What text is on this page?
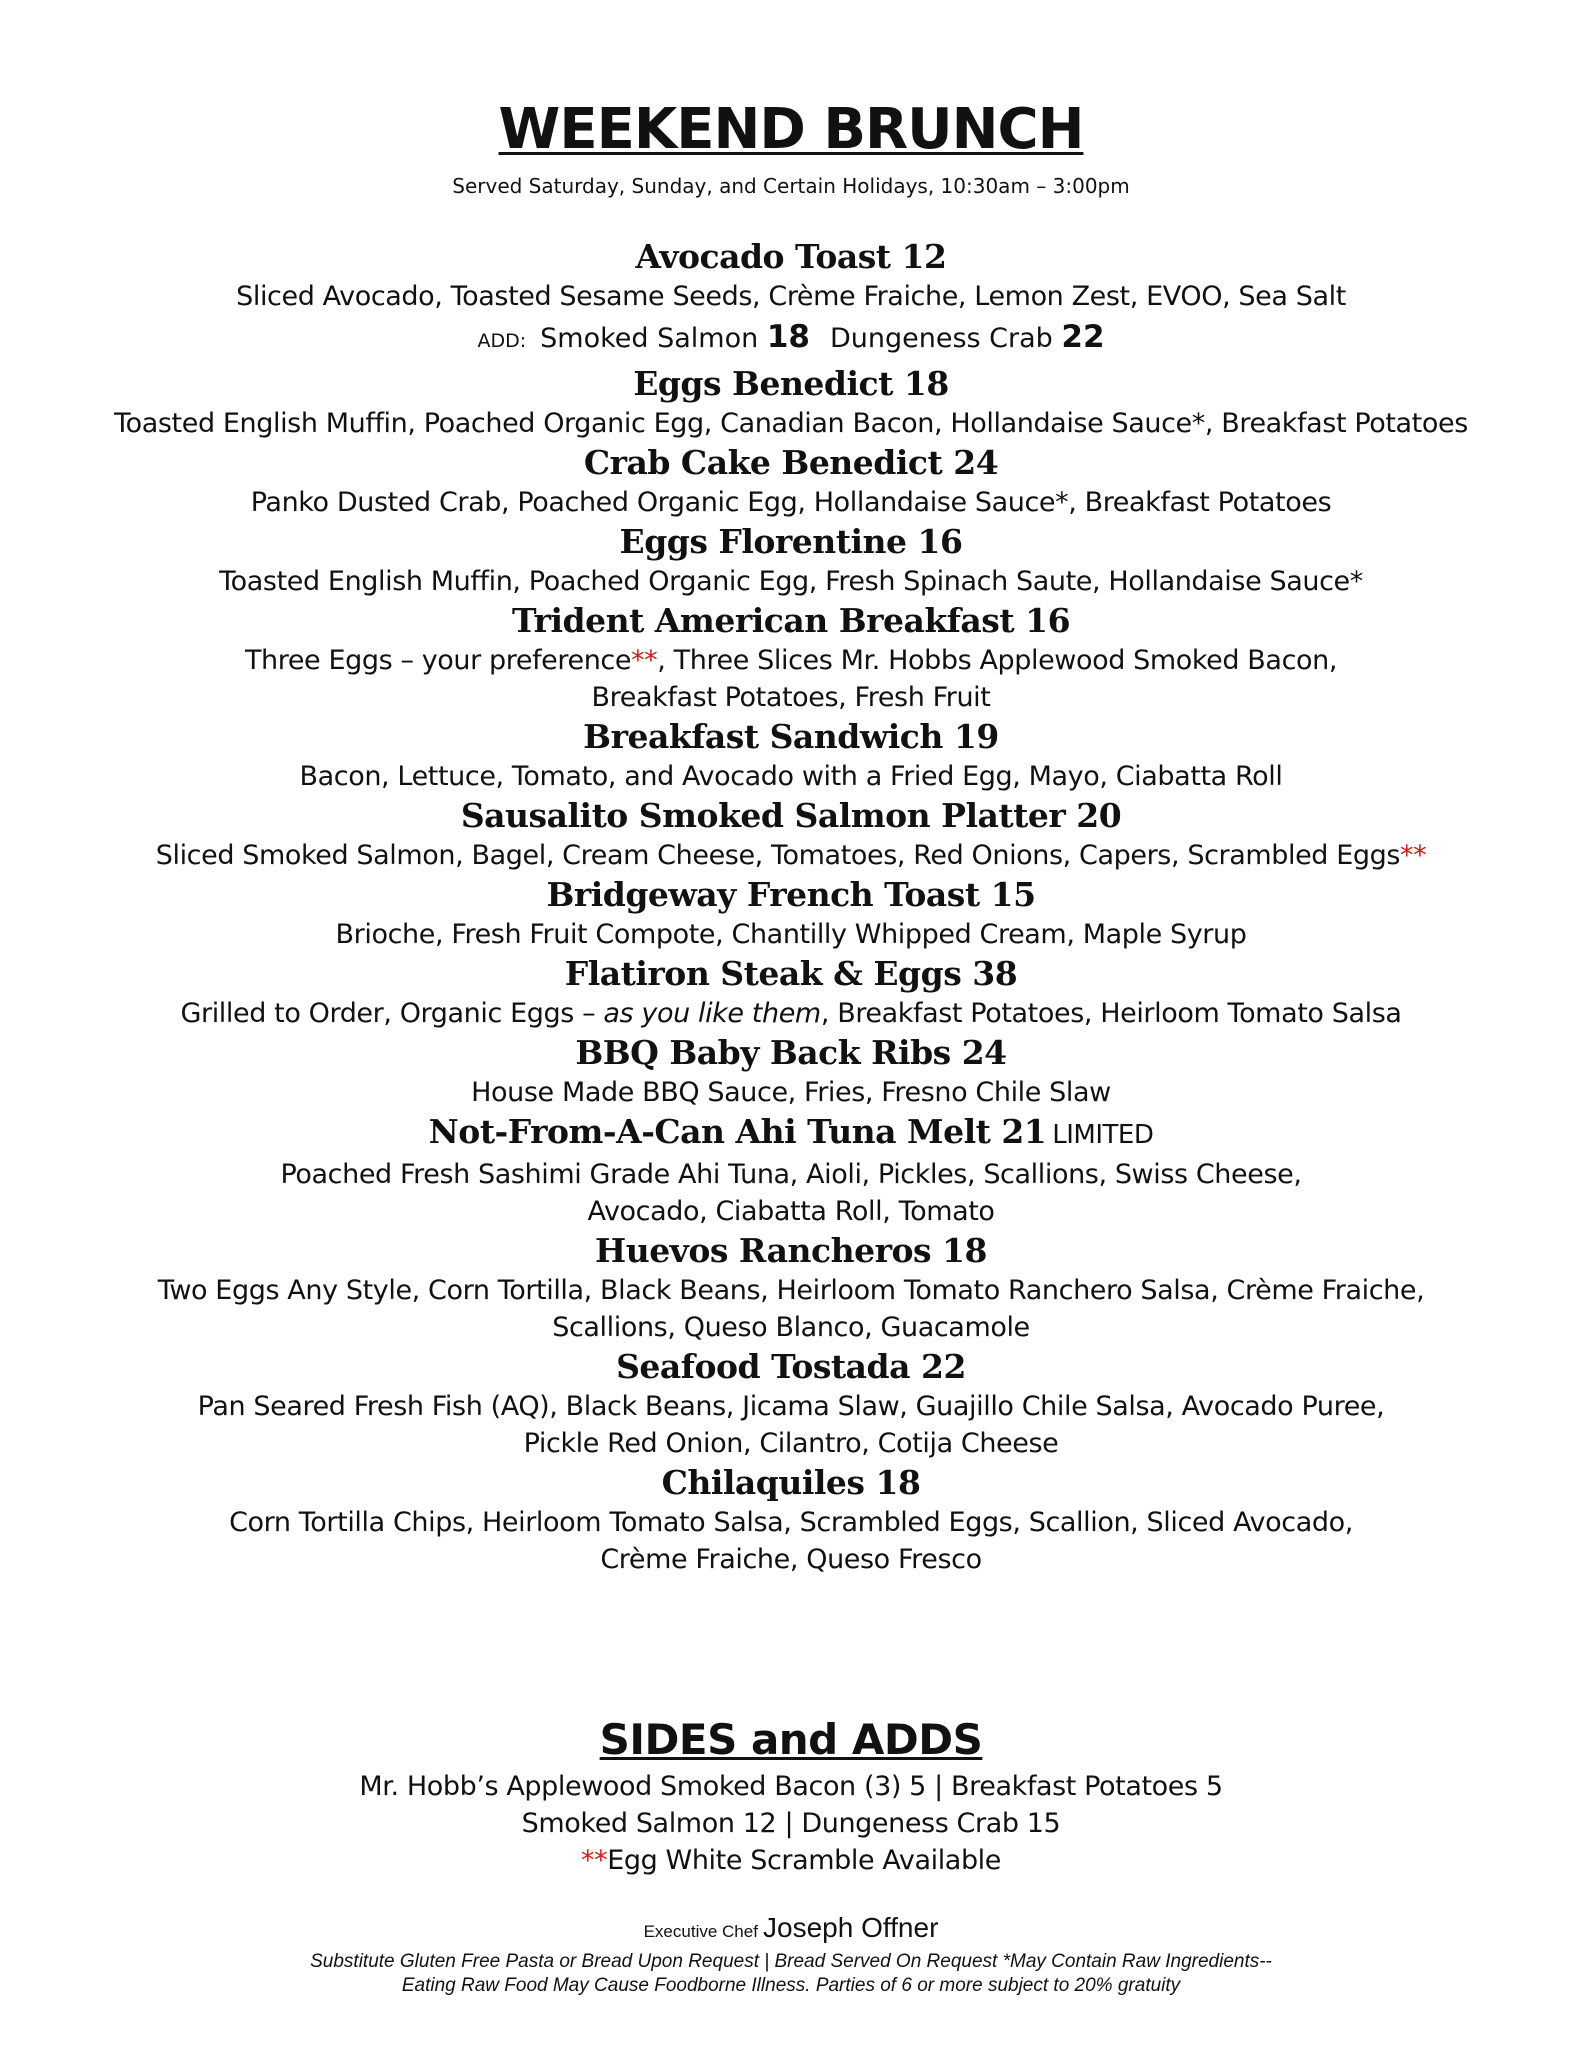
WEEKEND BRUNCH
Served Saturday, Sunday, and Certain Holidays, 10:30am – 3:00pm
Avocado Toast 12
Sliced Avocado, Toasted Sesame Seeds, Crème Fraiche, Lemon Zest, EVOO, Sea Salt
ADD: Smoked Salmon 18 Dungeness Crab 22
Eggs Benedict 18
Toasted English Muffin, Poached Organic Egg, Canadian Bacon, Hollandaise Sauce*, Breakfast Potatoes
Crab Cake Benedict 24
Panko Dusted Crab, Poached Organic Egg, Hollandaise Sauce*, Breakfast Potatoes
Eggs Florentine 16
Toasted English Muffin, Poached Organic Egg, Fresh Spinach Saute, Hollandaise Sauce*
Trident American Breakfast 16
Three Eggs – your preference**, Three Slices Mr. Hobbs Applewood Smoked Bacon,
Breakfast Potatoes, Fresh Fruit
Breakfast Sandwich 19
Bacon, Lettuce, Tomato, and Avocado with a Fried Egg, Mayo, Ciabatta Roll
Sausalito Smoked Salmon Platter 20
Sliced Smoked Salmon, Bagel, Cream Cheese, Tomatoes, Red Onions, Capers, Scrambled Eggs**
Bridgeway French Toast 15
Brioche, Fresh Fruit Compote, Chantilly Whipped Cream, Maple Syrup
Flatiron Steak & Eggs 38
Grilled to Order, Organic Eggs – as you like them, Breakfast Potatoes, Heirloom Tomato Salsa
BBQ Baby Back Ribs 24
House Made BBQ Sauce, Fries, Fresno Chile Slaw
Not-From-A-Can Ahi Tuna Melt 21 LIMITED
Poached Fresh Sashimi Grade Ahi Tuna, Aioli, Pickles, Scallions, Swiss Cheese,
Avocado, Ciabatta Roll, Tomato
Huevos Rancheros 18
Two Eggs Any Style, Corn Tortilla, Black Beans, Heirloom Tomato Ranchero Salsa, Crème Fraiche,
Scallions, Queso Blanco, Guacamole
Seafood Tostada 22
Pan Seared Fresh Fish (AQ), Black Beans, Jicama Slaw, Guajillo Chile Salsa, Avocado Puree,
Pickle Red Onion, Cilantro, Cotija Cheese
Chilaquiles 18
Corn Tortilla Chips, Heirloom Tomato Salsa, Scrambled Eggs, Scallion, Sliced Avocado,
Crème Fraiche, Queso Fresco
SIDES and ADDS
Mr. Hobb’s Applewood Smoked Bacon (3) 5 | Breakfast Potatoes 5
Smoked Salmon 12 | Dungeness Crab 15
**Egg White Scramble Available
Executive Chef Joseph Offner
Substitute Gluten Free Pasta or Bread Upon Request | Bread Served On Request *May Contain Raw Ingredients--
Eating Raw Food May Cause Foodborne Illness. Parties of 6 or more subject to 20% gratuity
